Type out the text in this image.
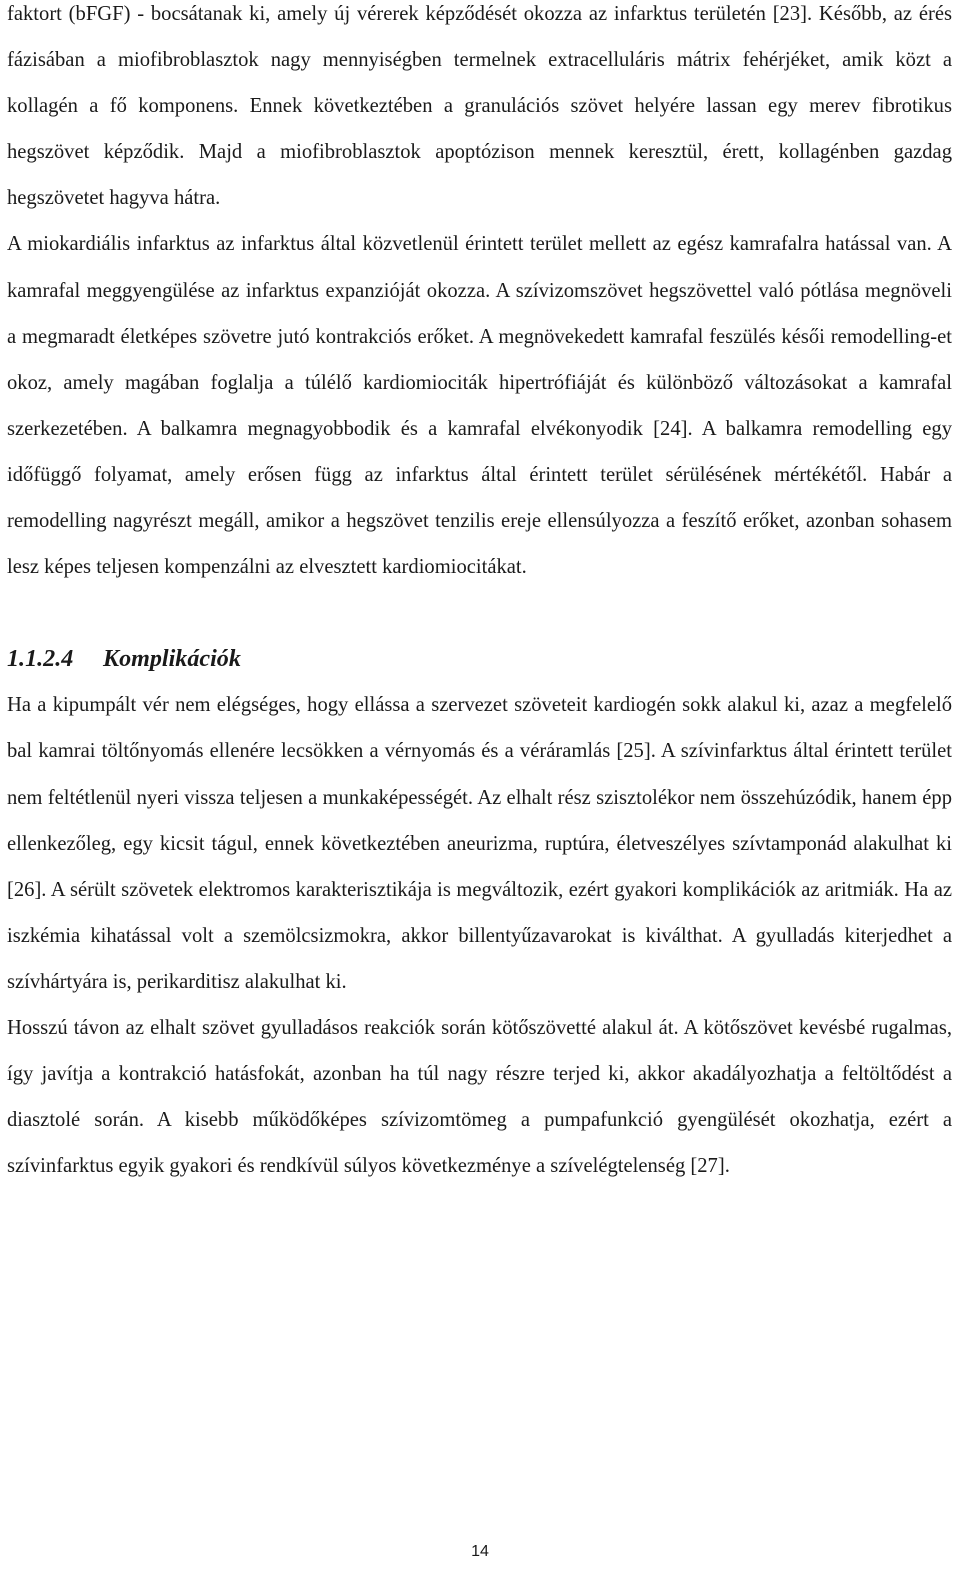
faktort (bFGF) - bocsátanak ki, amely új vérerek képződését okozza az infarktus területén [23]. Később, az érés fázisában a miofibroblasztok nagy mennyiségben termelnek extracelluláris mátrix fehérjéket, amik közt a kollagén a fő komponens. Ennek következtében a granulációs szövet helyére lassan egy merev fibrotikus hegszövet képződik. Majd a miofibroblasztok apoptózison mennek keresztül, érett, kollagénben gazdag hegszövetet hagyva hátra.

A miokardiális infarktus az infarktus által közvetlenül érintett terület mellett az egész kamrafalra hatással van. A kamrafal meggyengülése az infarktus expanzióját okozza. A szívizomszövet hegszövettel való pótlása megnöveli a megmaradt életképes szövetre jutó kontrakciós erőket. A megnövekedett kamrafal feszülés késői remodelling-et okoz, amely magában foglalja a túlélő kardiomiociták hipertrófiáját és különböző változásokat a kamrafal szerkezetében. A balkamra megnagyobbodik és a kamrafal elvékonyodik [24]. A balkamra remodelling egy időfüggő folyamat, amely erősen függ az infarktus által érintett terület sérülésének mértékétől. Habár a remodelling nagyrészt megáll, amikor a hegszövet tenzilis ereje ellensúlyozza a feszítő erőket, azonban sohasem lesz képes teljesen kompenzálni az elvesztett kardiomiocitákat.

1.1.2.4 Komplikációk

Ha a kipumpált vér nem elégséges, hogy ellássa a szervezet szöveteit kardiogén sokk alakul ki, azaz a megfelelő bal kamrai töltőnyomás ellenére lecsökken a vérnyomás és a véráramlás [25]. A szívinfarktus által érintett terület nem feltétlenül nyeri vissza teljesen a munkaképességét. Az elhalt rész szisztolékor nem összehúzódik, hanem épp ellenkezőleg, egy kicsit tágul, ennek következtében aneurizma, ruptúra, életveszélyes szívtamponád alakulhat ki [26]. A sérült szövetek elektromos karakterisztikája is megváltozik, ezért gyakori komplikációk az aritmiák. Ha az iszkémia kihatással volt a szemölcsizmokra, akkor billentyűzavarokat is kiválthat. A gyulladás kiterjedhet a szívhártyára is, perikarditisz alakulhat ki.

Hosszú távon az elhalt szövet gyulladásos reakciók során kötőszövetté alakul át. A kötőszövet kevésbé rugalmas, így javítja a kontrakció hatásfokát, azonban ha túl nagy részre terjed ki, akkor akadályozhatja a feltöltődést a diasztolé során. A kisebb működőképes szívizomtömeg a pumpafunkció gyengülését okozhatja, ezért a szívinfarktus egyik gyakori és rendkívül súlyos következménye a szívelégtelenség [27].

14
